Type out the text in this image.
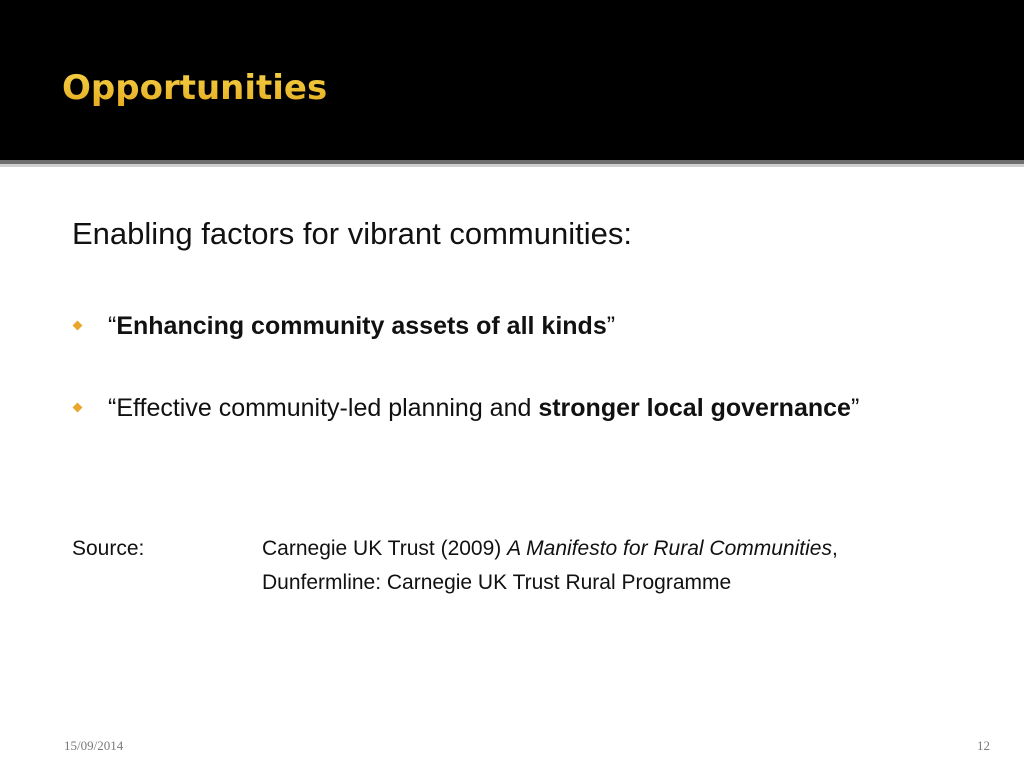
Opportunities
Enabling factors for vibrant communities:
“Enhancing community assets of all kinds”
“Effective community-led planning and stronger local governance”
Source:	Carnegie UK Trust (2009) A Manifesto for Rural Communities,
Dunfermline: Carnegie UK Trust Rural Programme
15/09/2014	12
